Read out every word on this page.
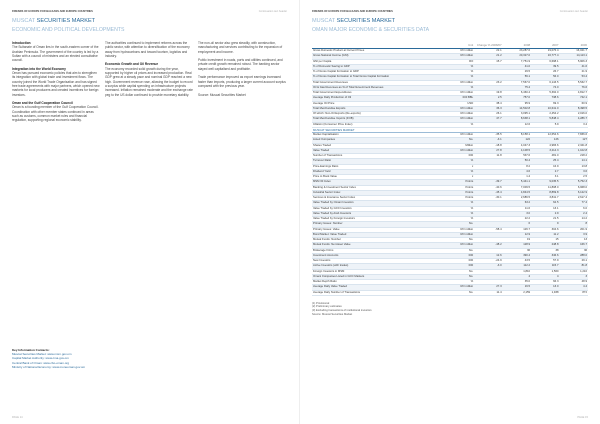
FRIENDS OF EUROPE FOR BALKANS AND EUROPE COUNTRIES	Continuation text header
MUSCAT SECURITIES MARKET
ECONOMIC AND POLITICAL DEVELOPMENTS

Introduction
The Sultanate of Oman lies in the south-eastern corner of the Arabian Peninsula. The government of the country is led by a Sultan with a council of ministers and an elected consultative council.

Integration into the World Economy
Oman has pursued economic policies that aim to strengthen its integration with global trade and investment flows. The country joined the World Trade Organisation and has signed free trade agreements with major partners, which opened new markets for local producers and created incentives for foreign investors.

Oman and the Gulf Cooperation Council
Oman is a founding member of the Gulf Cooperation Council. Coordination with other member states continued in areas such as customs, common market rules and financial regulation, supporting regional economic stability.

The authorities continued to implement reforms across the public sector, with attention to diversification of the economy away from hydrocarbons and toward tourism, logistics and industry.

Economic Growth and Oil Revenue
The economy recorded solid growth during the year, supported by higher oil prices and increased production. Real GDP grew at a steady pace and nominal GDP reached a new high. Government revenue rose, allowing the budget to record a surplus while capital spending on infrastructure projects increased. Inflation remained moderate and the exchange rate peg to the US dollar continued to provide monetary stability.

The non-oil sector also grew steadily, with construction, manufacturing and services contributing to the expansion of employment and income.

Public investment in roads, ports and utilities continued, and private credit growth remained robust. The banking sector stayed well capitalised and profitable.

Trade performance improved as export earnings increased faster than imports, producing a larger current account surplus compared with the previous year.

Source: Muscat Securities Market

Key Information Contacts:
Muscat Securities Market: www.msm.gov.om
Capital Market Authority: www.cma.gov.om
Central Bank of Oman: www.cbo-oman.org
Ministry of National Economy: www.moneoman.gov.om
PAGE 14
FRIENDS OF EUROPE FOR BALKANS AND EUROPE COUNTRIES	Continuation text header
MUSCAT SECURITIES MARKET
OMAN MAJOR ECONOMIC & SECURITIES DATA
	Unit	Change % 2008/07	2008	2007	2006
Gross Domestic Product at Current Prices	RO million	22.1	23,287.6	19,076.4	16,021.7
Gross National Income (GNI)	RO million	21.2	20,327.0	16,777.4	14,113.1
GNI per Capita	RO	15.7	7,751.9	6,698.1	5,906.3
% of Domestic Saving to GDP	%		41.0	39.5	41.6
% of Gross Capital Formation to GDP	%		29.5	26.7	21.9
% of Gross Capital Formation to Total Gross Capital Formation	%		56.1	56.0	53.4
Total Government Revenues	RO million	23.2	7,567.0	6,143.5	5,532.7
Oil & Gas Revenues as % of Total Government Revenues	%		75.4	74.0	76.6
Total Government Expenditures	RO million	19.8	6,460.4	5,392.0	4,812.7
Average Daily Production of Oil	000 BBL	2.5	757.0	738.6	742.1
Average Oil Price	USD	38.4	95.9	69.3	60.9
Total Merchandise Exports	RO million	36.3	14,502.8	10,641.0	8,498.5
Of which: Non-Oil Exports (Re-exports)	RO million	26.1	3,095.1	2,454.2	2,016.0
Total Merchandise Imports (FOB)	RO million	47.7	8,638.1	5,848.4	4,286.7
Inflation (Consumer Price Index)	%		12.6	5.9	3.4
MUSCAT SECURITIES MARKET					
Market Capitalisation	RO million	-35.5	8,158.1	12,654.6	7,836.6
Listed Companies	No.	-3.1	122	126	127
Shares Traded	Million	-18.8	4,047.3	4,983.6	2,341.8
Value Traded	RO million	27.8	4,108.5	3,214.3	1,102.8
Number of Transactions	000	11.8	537.6	481.0	218.2
Turnover Ratio	%		50.4	25.4	14.1
Price-Earnings Ratio	x		8.2	16.9	13.8
Dividend Yield	%		4.6	2.7	3.6
Price to Book Value	x		1.4	3.1	2.5
MSM 30 Index	Points	-39.7	5,441.1	9,035.5	5,752.3
Banking & Investment Sector Index	Points	-40.6	7,009.5	11,808.0	6,968.0
Industrial Sector Index	Points	-45.4	4,844.5	8,869.8	6,122.9
Services & Insurance Sector Index	Points	-30.1	2,686.5	3,841.7	2,617.4
Value Traded by Omani Investors	%		63.2	62.5	77.4
Value Traded by GCC Investors	%		11.6	13.1	6.0
Value Traded by Arab Investors	%		3.0	2.9	2.4
Value Traded by Foreign Investors	%		22.2	21.5	14.2
Primary Issues: Number	No.		6	9	8
Primary Issues: Value	RO million	-58.4	126.7	304.6	201.9
Bond Market: Value Traded	RO million		12.9	11.2	3.9
Mutual Funds: Number	No.		19	15	13
Mutual Funds: Net Asset Value	RO million	-48.2	128.9	248.8	166.7
Brokerage Firms	No.		36	38	36
Investment Accounts	000	12.6	390.4	346.6	288.0
New Investors	000	-24.9	43.5	57.9	29.1
Active Investors (with trades)	000	-3.0	112.2	115.7	81.8
Foreign Investors in MSM	No.		1,810	1,560	1,210
Omani Companies Listed in GCC Markets	No.		4	4	3
Market Depth Ratio	%		35.0	66.3	48.9
Average Daily Value Traded	RO million	27.3	16.5	13.0	4.4
Average Daily Number of Transactions	No.	11.4	2,159	1,938	872
(1) Provisional
(2) Preliminary estimates
(3) Excluding transactions of institutional investors
Source: Muscat Securities Market
PAGE 15
